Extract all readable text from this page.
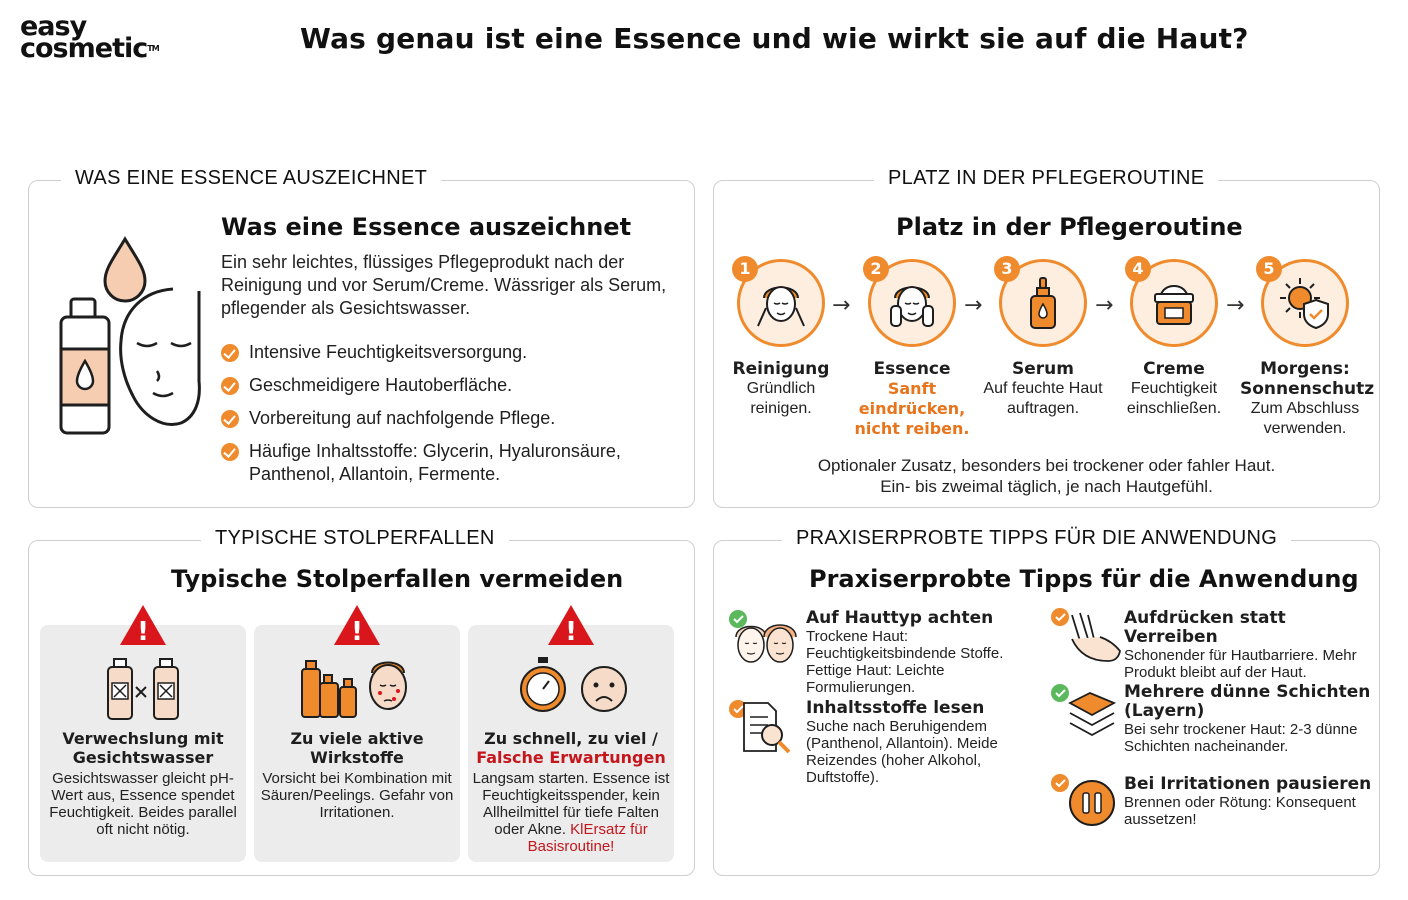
easy
cosmetic™	Was genau ist eine Essence und wie wirkt sie auf die Haut?
WAS EINE ESSENCE AUSZEICHNET
Was eine Essence auszeichnet
Ein sehr leichtes, flüssiges Pflegeprodukt nach der Reinigung und vor Serum/Creme. Wässriger als Serum, pflegender als Gesichtswasser.
Intensive Feuchtigkeitsversorgung.
Geschmeidigere Hautoberfläche.
Vorbereitung auf nachfolgende Pflege.
Häufige Inhaltsstoffe: Glycerin, Hyaluronsäure, Panthenol, Allantoin, Fermente.
PLATZ IN DER PFLEGEROUTINE
Platz in der Pflegeroutine
1
Reinigung
Gründlich reinigen.
→
2
Essence
Sanft eindrücken, nicht reiben.
→
3
Serum
Auf feuchte Haut auftragen.
→
4
Creme
Feuchtigkeit einschließen.
→
5
Morgens: Sonnenschutz
Zum Abschluss verwenden.
Optionaler Zusatz, besonders bei trockener oder fahler Haut.
Ein- bis zweimal täglich, je nach Hautgefühl.
TYPISCHE STOLPERFALLEN
Typische Stolperfallen vermeiden
!
Verwechslung mit Gesichtswasser
Gesichtswasser gleicht pH-Wert aus, Essence spendet Feuchtigkeit. Beides parallel oft nicht nötig.
!
Zu viele aktive Wirkstoffe
Vorsicht bei Kombination mit Säuren/Peelings. Gefahr von Irritationen.
!
Zu schnell, zu viel /
Falsche Erwartungen
Langsam starten. Essence ist Feuchtigkeitsspender, kein Allheilmittel für tiefe Falten oder Akne. KlErsatz für Basisroutine!
PRAXISERPROBTE TIPPS FÜR DIE ANWENDUNG
Praxiserprobte Tipps für die Anwendung
Auf Hauttyp achten
Trockene Haut: Feuchtigkeitsbindende Stoffe. Fettige Haut: Leichte Formulierungen.
Inhaltsstoffe lesen
Suche nach Beruhigendem (Panthenol, Allantoin). Meide Reizendes (hoher Alkohol, Duftstoffe).
Aufdrücken statt Verreiben
Schonender für Hautbarriere. Mehr Produkt bleibt auf der Haut.
Mehrere dünne Schichten (Layern)
Bei sehr trockener Haut: 2-3 dünne Schichten nacheinander.
Bei Irritationen pausieren
Brennen oder Rötung: Konsequent aussetzen!
